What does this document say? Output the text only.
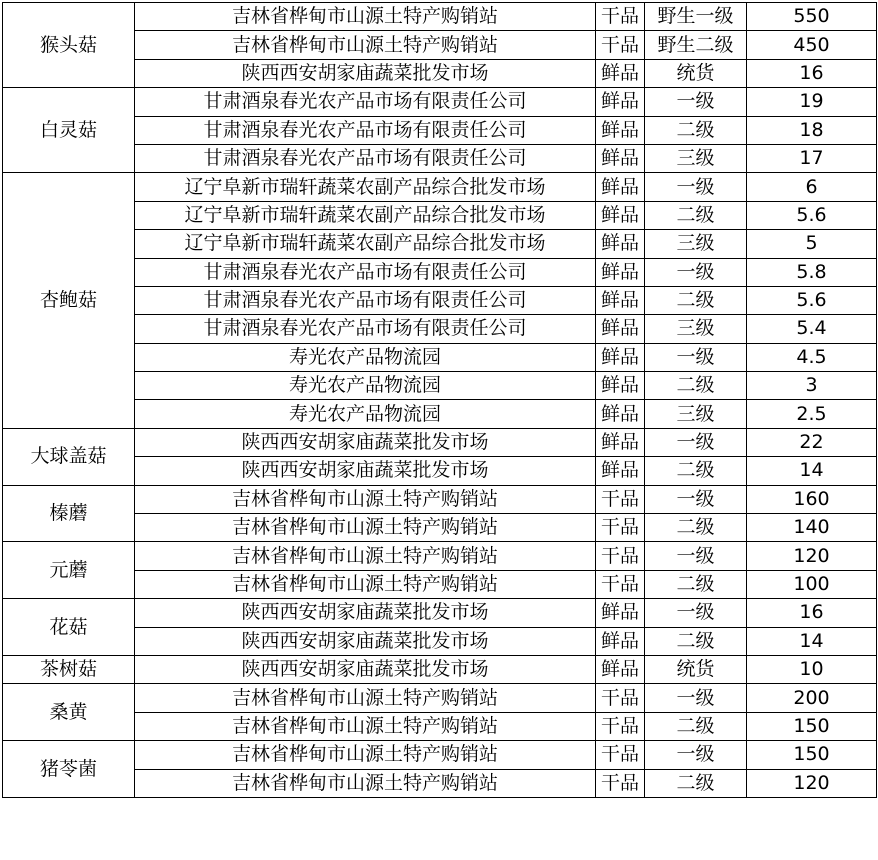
猴头菇	吉林省桦甸市山源土特产购销站	干品	野生一级	550
	吉林省桦甸市山源土特产购销站	干品	野生二级	450
	陕西西安胡家庙蔬菜批发市场	鲜品	统货	16
白灵菇	甘肃酒泉春光农产品市场有限责任公司	鲜品	一级	19
	甘肃酒泉春光农产品市场有限责任公司	鲜品	二级	18
	甘肃酒泉春光农产品市场有限责任公司	鲜品	三级	17
杏鲍菇	辽宁阜新市瑞轩蔬菜农副产品综合批发市场	鲜品	一级	6
	辽宁阜新市瑞轩蔬菜农副产品综合批发市场	鲜品	二级	5.6
	辽宁阜新市瑞轩蔬菜农副产品综合批发市场	鲜品	三级	5
	甘肃酒泉春光农产品市场有限责任公司	鲜品	一级	5.8
	甘肃酒泉春光农产品市场有限责任公司	鲜品	二级	5.6
	甘肃酒泉春光农产品市场有限责任公司	鲜品	三级	5.4
	寿光农产品物流园	鲜品	一级	4.5
	寿光农产品物流园	鲜品	二级	3
	寿光农产品物流园	鲜品	三级	2.5
大球盖菇	陕西西安胡家庙蔬菜批发市场	鲜品	一级	22
	陕西西安胡家庙蔬菜批发市场	鲜品	二级	14
榛蘑	吉林省桦甸市山源土特产购销站	干品	一级	160
	吉林省桦甸市山源土特产购销站	干品	二级	140
元蘑	吉林省桦甸市山源土特产购销站	干品	一级	120
	吉林省桦甸市山源土特产购销站	干品	二级	100
花菇	陕西西安胡家庙蔬菜批发市场	鲜品	一级	16
	陕西西安胡家庙蔬菜批发市场	鲜品	二级	14
茶树菇	陕西西安胡家庙蔬菜批发市场	鲜品	统货	10
桑黄	吉林省桦甸市山源土特产购销站	干品	一级	200
	吉林省桦甸市山源土特产购销站	干品	二级	150
猪苓菌	吉林省桦甸市山源土特产购销站	干品	一级	150
	吉林省桦甸市山源土特产购销站	干品	二级	120
